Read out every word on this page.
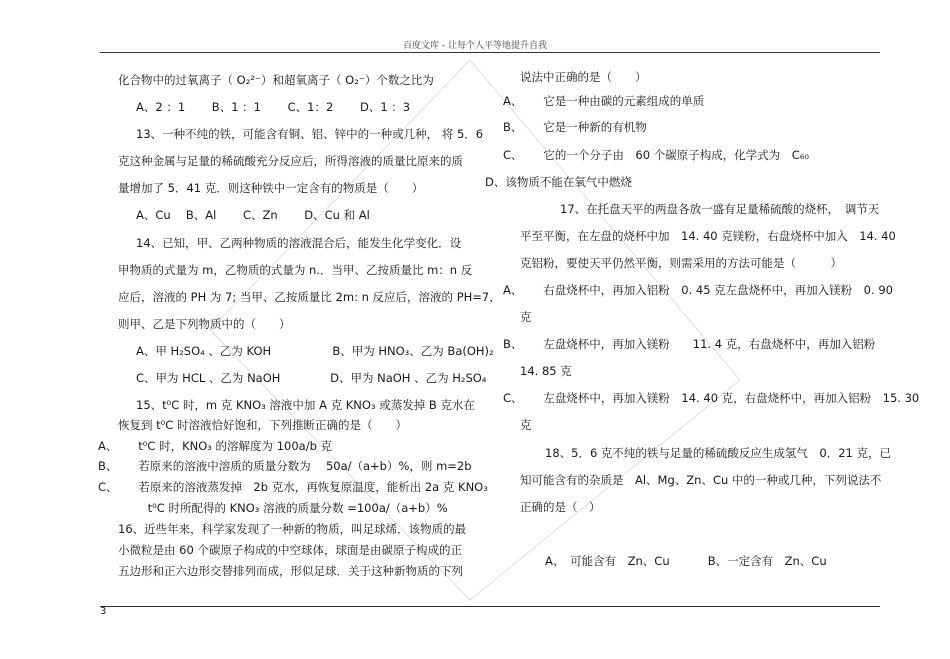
百度文库 - 让每个人平等地提升自我
化合物中的过氧离子（ O₂²⁻）和超氧离子（ O₂⁻）个数之比为
A、2 ：1　　 B、1 ：1　　 C、1：2　　 D、1 ：3
13、一种不纯的铁，可能含有铜、铝、锌中的一种或几种， 将 5．6
克这种金属与足量的稀硫酸充分反应后，所得溶液的质量比原来的质
量增加了 5．41 克．则这种铁中一定含有的物质是（　　）
A、Cu　 B、Al　　 C、Zn　　 D、Cu 和 Al
14、已知，甲、乙两种物质的溶液混合后，能发生化学变化．设
甲物质的式量为 m，乙物质的式量为 n.．当甲、乙按质量比 m：n 反
应后，溶液的 PH 为 7; 当甲、乙按质量比 2m: n 反应后，溶液的 PH=7，
则甲、乙是下列物质中的（　　）
A、甲 H₂SO₄ 、乙为 KOH　　　　　 B、甲为 HNO₃、乙为 Ba(OH)₂
C、甲为 HCL 、乙为 NaOH　　　　 D、甲为 NaOH 、乙为 H₂SO₄
15、t⁰C 时，m 克 KNO₃ 溶液中加 A 克 KNO₃ 或蒸发掉 B 克水在
恢复到 t⁰C 时溶液恰好饱和，下列推断正确的是（　　）
A、　　 t⁰C 时，KNO₃ 的溶解度为 100a/b 克
B、　　 若原来的溶液中溶质的质量分数为　 50a/（a+b）%，则 m=2b
C、　　 若原来的溶液蒸发掉　2b 克水，再恢复原温度，能析出 2a 克 KNO₃
　　　　 t⁰C 时所配得的 KNO₃ 溶液的质量分数 =100a/（a+b）%
16、近些年来，科学家发现了一种新的物质，叫足球烯．该物质的最
小微粒是由 60 个碳原子构成的中空球体，球面是由碳原子构成的正
五边形和正六边形交替排列而成，形似足球．关于这种新物质的下列
说法中正确的是（　　）
A、　　 它是一种由碳的元素组成的单质
B、　　 它是一种新的有机物
C、　　 它的一个分子由　60 个碳原子构成，化学式为　C₆₀
D、该物质不能在氧气中燃烧
17、在托盘天平的两盘各放一盛有足量稀硫酸的烧杯，　调节天
平至平衡，在左盘的烧杯中加　14. 40 克镁粉，右盘烧杯中加入　14. 40
克铝粉，要使天平仍然平衡，则需采用的方法可能是（　　　）
A、　　 右盘烧杯中，再加入铝粉　0. 45 克左盘烧杯中，再加入镁粉　0. 90
克
B、　　 左盘烧杯中，再加入镁粉　　11. 4 克，右盘烧杯中，再加入铝粉
14. 85 克
C、　　 左盘烧杯中，再加入镁粉　14. 40 克，右盘烧杯中，再加入铝粉　15. 30
克
18、5．6 克不纯的铁与足量的稀硫酸反应生成氢气　0．21 克，已
知可能含有的杂质是　Al、Mg、Zn、Cu 中的一种或几种，下列说法不
正确的是（　）
A、　可能含有　Zn、Cu　　　 B、一定含有　Zn、Cu
3
